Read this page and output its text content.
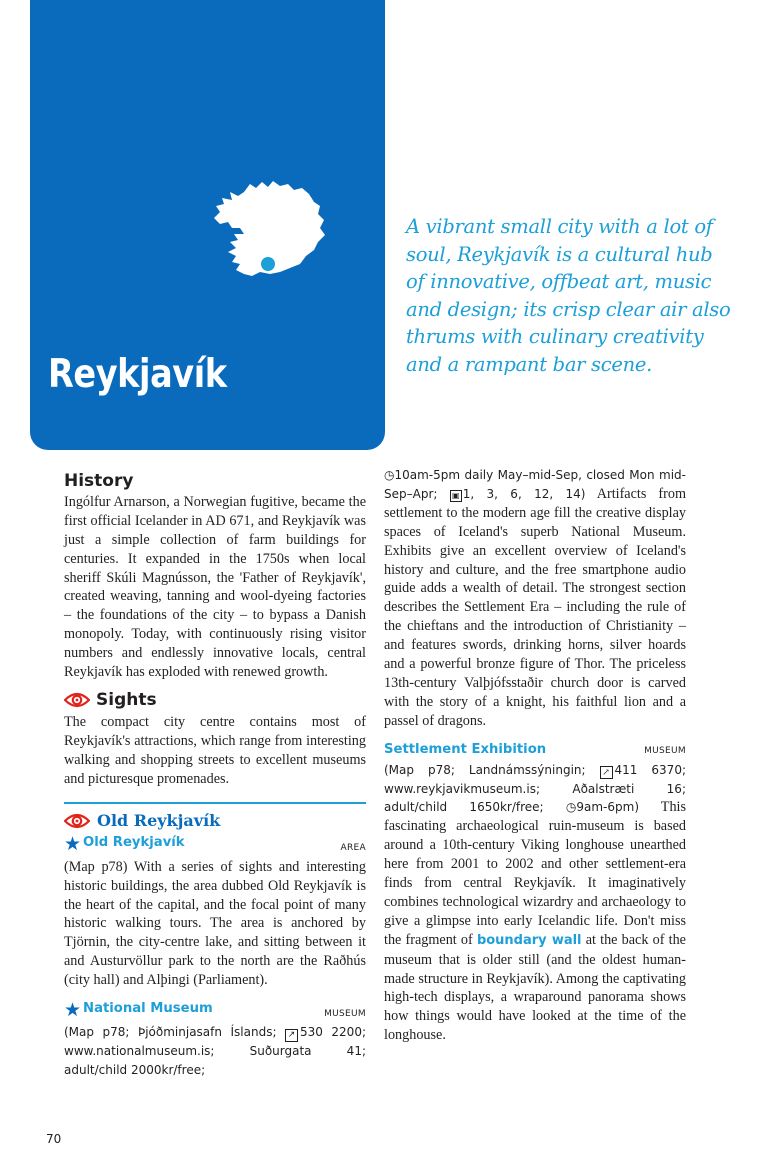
Reykjavík
A vibrant small city with a lot of soul, Reykjavík is a cultural hub of innovative, offbeat art, music and design; its crisp clear air also thrums with culinary creativity and a rampant bar scene.
History

Ingólfur Arnarson, a Norwegian fugitive, became the first official Icelander in AD 671, and Reykjavík was just a simple collection of farm buildings for centuries. It expanded in the 1750s when local sheriff Skúli Magnússon, the 'Father of Reykjavík', created weaving, tanning and wool-dyeing factories – the foundations of the city – to bypass a Danish monopoly. Today, with continuously rising visitor numbers and endlessly innovative locals, central Reykjavík has exploded with renewed growth.

Sights

The compact city centre contains most of Reykjavík's attractions, which range from interesting walking and shopping streets to excellent museums and picturesque promenades.

Old Reykjavík
★ Old Reykjavík	AREA

(Map p78) With a series of sights and interesting historic buildings, the area dubbed Old Reykjavík is the heart of the capital, and the focal point of many historic walking tours. The area is anchored by Tjörnin, the city-centre lake, and sitting between it and Austurvöllur park to the north are the Raðhús (city hall) and Alþingi (Parliament).

★ National Museum	MUSEUM

(Map p78; Þjóðminjasafn Íslands; ↗ 530 2200; www.nationalmuseum.is; Suðurgata 41; adult/child 2000kr/free;

◷10am-5pm daily May–mid-Sep, closed Mon mid-Sep–Apr; ▣ 1, 3, 6, 12, 14) Artifacts from settlement to the modern age fill the creative display spaces of Iceland's superb National Museum. Exhibits give an excellent overview of Iceland's history and culture, and the free smartphone audio guide adds a wealth of detail. The strongest section describes the Settlement Era – including the rule of the chieftans and the introduction of Christianity – and features swords, drinking horns, silver hoards and a powerful bronze figure of Thor. The priceless 13th-century Valþjófsstaðir church door is carved with the story of a knight, his faithful lion and a passel of dragons.

Settlement Exhibition	MUSEUM

(Map p78; Landnámssýningin; ↗ 411 6370; www.reykjavikmuseum.is; Aðalstræti 16; adult/child 1650kr/free; ◷9am-6pm) This fascinating archaeological ruin-museum is based around a 10th-century Viking longhouse unearthed here from 2001 to 2002 and other settlement-era finds from central Reykjavík. It imaginatively combines technological wizardry and archaeology to give a glimpse into early Icelandic life. Don't miss the fragment of boundary wall at the back of the museum that is older still (and the oldest human-made structure in Reykjavík). Among the captivating high-tech displays, a wraparound panorama shows how things would have looked at the time of the longhouse.

70
